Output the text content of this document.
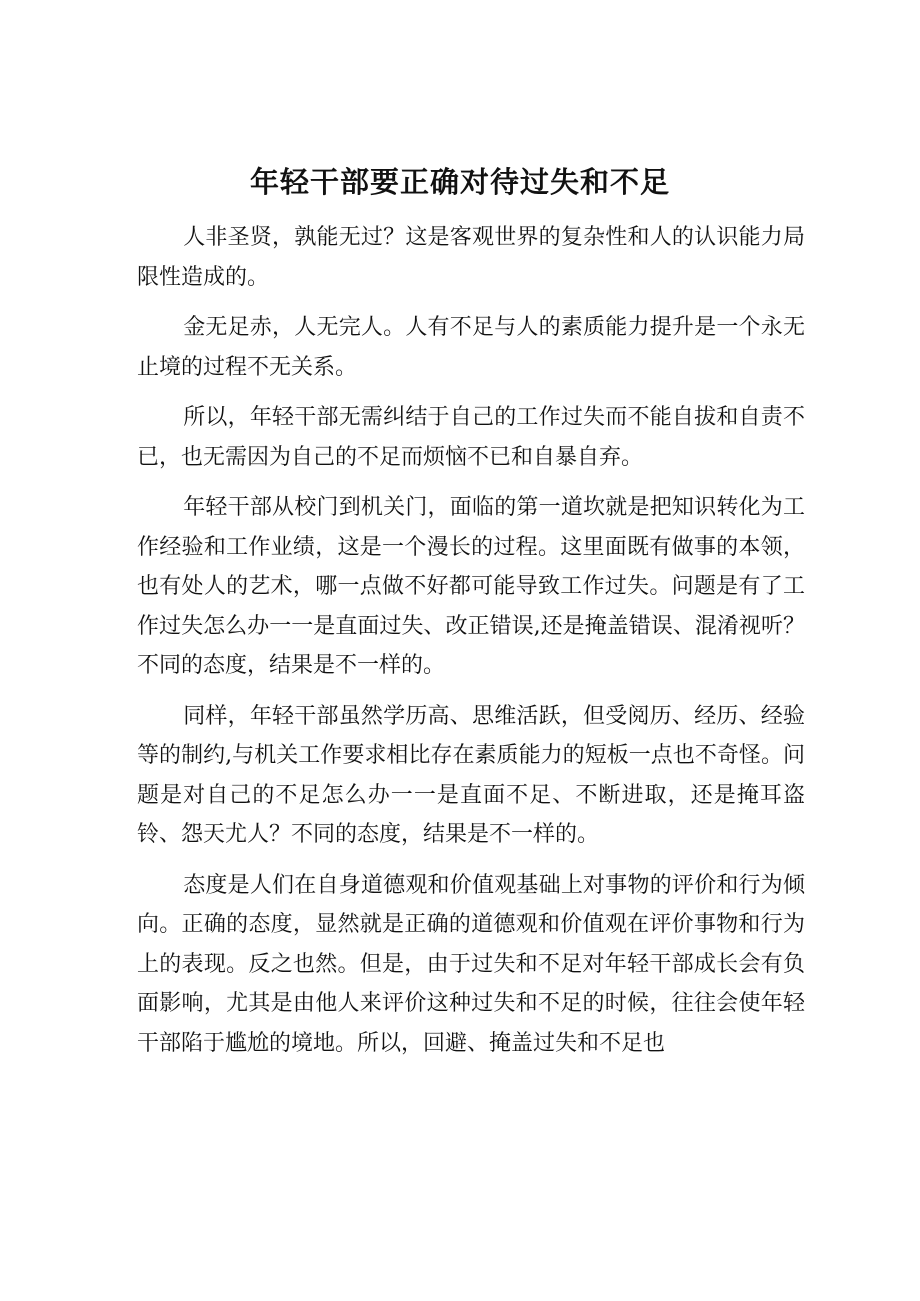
年轻干部要正确对待过失和不足

人非圣贤，孰能无过？这是客观世界的复杂性和人的认识能力局限性造成的。

金无足赤，人无完人。人有不足与人的素质能力提升是一个永无止境的过程不无关系。

所以，年轻干部无需纠结于自己的工作过失而不能自拔和自责不已，也无需因为自己的不足而烦恼不已和自暴自弃。

年轻干部从校门到机关门，面临的第一道坎就是把知识转化为工作经验和工作业绩，这是一个漫长的过程。这里面既有做事的本领，也有处人的艺术，哪一点做不好都可能导致工作过失。问题是有了工作过失怎么办一一是直面过失、改正错误,还是掩盖错误、混淆视听？不同的态度，结果是不一样的。

同样，年轻干部虽然学历高、思维活跃，但受阅历、经历、经验等的制约,与机关工作要求相比存在素质能力的短板一点也不奇怪。问题是对自己的不足怎么办一一是直面不足、不断进取，还是掩耳盗铃、怨天尤人？不同的态度，结果是不一样的。

态度是人们在自身道德观和价值观基础上对事物的评价和行为倾向。正确的态度，显然就是正确的道德观和价值观在评价事物和行为上的表现。反之也然。但是，由于过失和不足对年轻干部成长会有负面影响，尤其是由他人来评价这种过失和不足的时候，往往会使年轻干部陷于尴尬的境地。所以，回避、掩盖过失和不足也
